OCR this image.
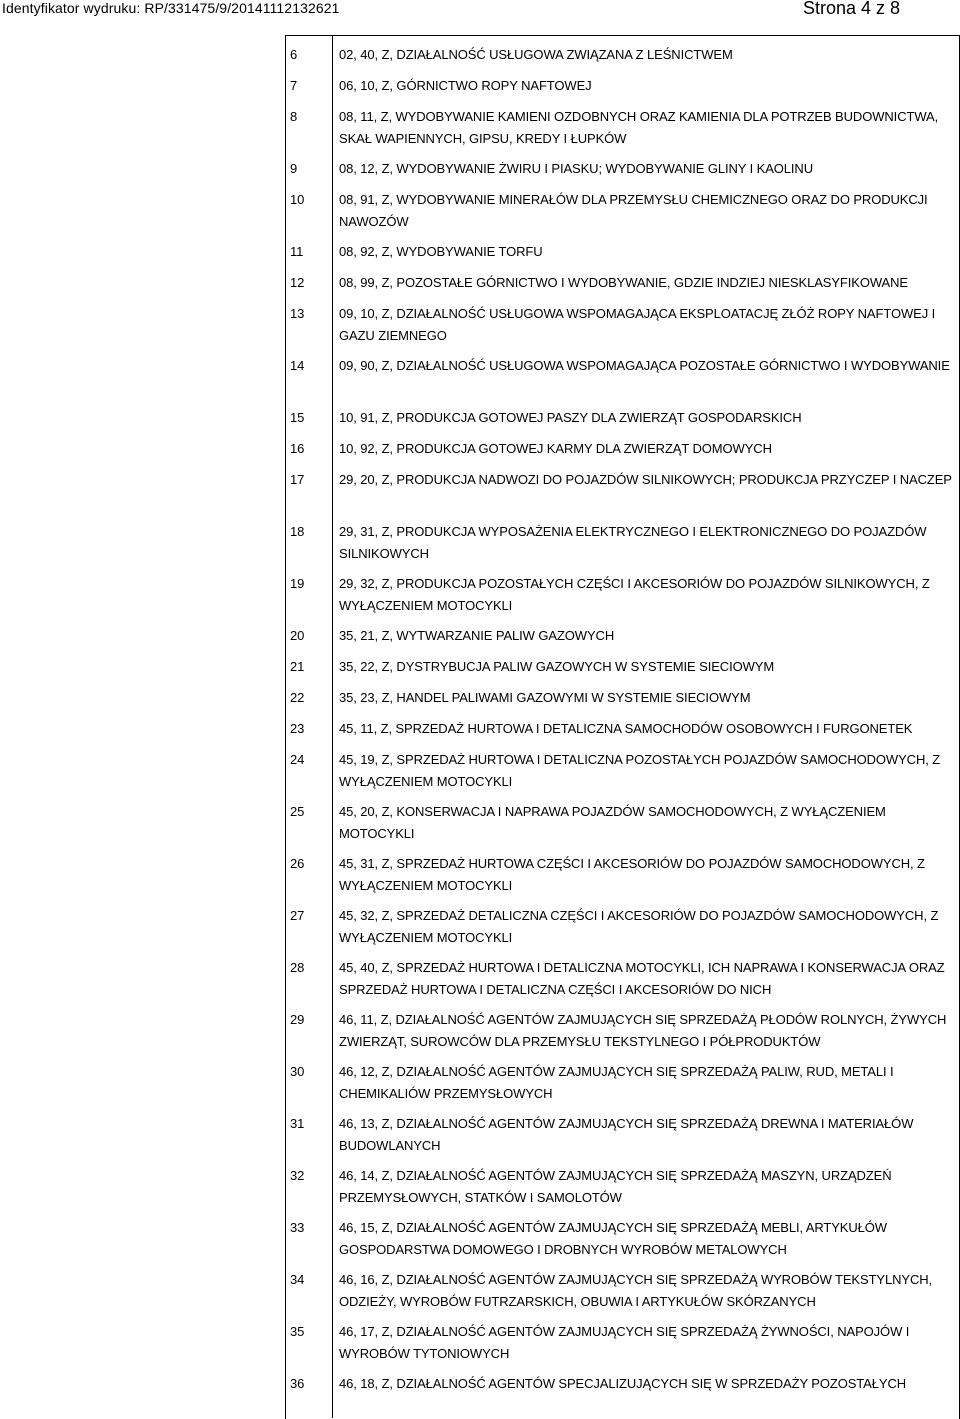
Identyfikator wydruku: RP/331475/9/20141112132621	Strona 4 z 8
6	02, 40, Z, DZIAŁALNOŚĆ USŁUGOWA ZWIĄZANA Z LEŚNICTWEM
7	06, 10, Z, GÓRNICTWO ROPY NAFTOWEJ
8	08, 11, Z, WYDOBYWANIE KAMIENI OZDOBNYCH ORAZ KAMIENIA DLA POTRZEB BUDOWNICTWA, SKAŁ WAPIENNYCH, GIPSU, KREDY I ŁUPKÓW
9	08, 12, Z, WYDOBYWANIE ŻWIRU I PIASKU; WYDOBYWANIE GLINY I KAOLINU
10	08, 91, Z, WYDOBYWANIE MINERAŁÓW DLA PRZEMYSŁU CHEMICZNEGO ORAZ DO PRODUKCJI NAWOZÓW
11	08, 92, Z, WYDOBYWANIE TORFU
12	08, 99, Z, POZOSTAŁE GÓRNICTWO I WYDOBYWANIE, GDZIE INDZIEJ NIESKLASYFIKOWANE
13	09, 10, Z, DZIAŁALNOŚĆ USŁUGOWA WSPOMAGAJĄCA EKSPLOATACJĘ ZŁÓŻ ROPY NAFTOWEJ I GAZU ZIEMNEGO
14	09, 90, Z, DZIAŁALNOŚĆ USŁUGOWA WSPOMAGAJĄCA POZOSTAŁE GÓRNICTWO I WYDOBYWANIE
15	10, 91, Z, PRODUKCJA GOTOWEJ PASZY DLA ZWIERZĄT GOSPODARSKICH
16	10, 92, Z, PRODUKCJA GOTOWEJ KARMY DLA ZWIERZĄT DOMOWYCH
17	29, 20, Z, PRODUKCJA NADWOZI DO POJAZDÓW SILNIKOWYCH; PRODUKCJA PRZYCZEP I NACZEP
18	29, 31, Z, PRODUKCJA WYPOSAŻENIA ELEKTRYCZNEGO I ELEKTRONICZNEGO DO POJAZDÓW SILNIKOWYCH
19	29, 32, Z, PRODUKCJA POZOSTAŁYCH CZĘŚCI I AKCESORIÓW DO POJAZDÓW SILNIKOWYCH, Z WYŁĄCZENIEM MOTOCYKLI
20	35, 21, Z, WYTWARZANIE PALIW GAZOWYCH
21	35, 22, Z, DYSTRYBUCJA PALIW GAZOWYCH W SYSTEMIE SIECIOWYM
22	35, 23, Z, HANDEL PALIWAMI GAZOWYMI W SYSTEMIE SIECIOWYM
23	45, 11, Z, SPRZEDAŻ HURTOWA I DETALICZNA SAMOCHODÓW OSOBOWYCH I FURGONETEK
24	45, 19, Z, SPRZEDAŻ HURTOWA I DETALICZNA POZOSTAŁYCH POJAZDÓW SAMOCHODOWYCH, Z WYŁĄCZENIEM MOTOCYKLI
25	45, 20, Z, KONSERWACJA I NAPRAWA POJAZDÓW SAMOCHODOWYCH, Z WYŁĄCZENIEM MOTOCYKLI
26	45, 31, Z, SPRZEDAŻ HURTOWA CZĘŚCI I AKCESORIÓW DO POJAZDÓW SAMOCHODOWYCH, Z WYŁĄCZENIEM MOTOCYKLI
27	45, 32, Z, SPRZEDAŻ DETALICZNA CZĘŚCI I AKCESORIÓW DO POJAZDÓW SAMOCHODOWYCH, Z WYŁĄCZENIEM MOTOCYKLI
28	45, 40, Z, SPRZEDAŻ HURTOWA I DETALICZNA MOTOCYKLI, ICH NAPRAWA I KONSERWACJA ORAZ SPRZEDAŻ HURTOWA I DETALICZNA CZĘŚCI I AKCESORIÓW DO NICH
29	46, 11, Z, DZIAŁALNOŚĆ AGENTÓW ZAJMUJĄCYCH SIĘ SPRZEDAŻĄ PŁODÓW ROLNYCH, ŻYWYCH ZWIERZĄT, SUROWCÓW DLA PRZEMYSŁU TEKSTYLNEGO I PÓŁPRODUKTÓW
30	46, 12, Z, DZIAŁALNOŚĆ AGENTÓW ZAJMUJĄCYCH SIĘ SPRZEDAŻĄ PALIW, RUD, METALI I CHEMIKALIÓW PRZEMYSŁOWYCH
31	46, 13, Z, DZIAŁALNOŚĆ AGENTÓW ZAJMUJĄCYCH SIĘ SPRZEDAŻĄ DREWNA I MATERIAŁÓW BUDOWLANYCH
32	46, 14, Z, DZIAŁALNOŚĆ AGENTÓW ZAJMUJĄCYCH SIĘ SPRZEDAŻĄ MASZYN, URZĄDZEŃ PRZEMYSŁOWYCH, STATKÓW I SAMOLOTÓW
33	46, 15, Z, DZIAŁALNOŚĆ AGENTÓW ZAJMUJĄCYCH SIĘ SPRZEDAŻĄ MEBLI, ARTYKUŁÓW GOSPODARSTWA DOMOWEGO I DROBNYCH WYROBÓW METALOWYCH
34	46, 16, Z, DZIAŁALNOŚĆ AGENTÓW ZAJMUJĄCYCH SIĘ SPRZEDAŻĄ WYROBÓW TEKSTYLNYCH, ODZIEŻY, WYROBÓW FUTRZARSKICH, OBUWIA I ARTYKUŁÓW SKÓRZANYCH
35	46, 17, Z, DZIAŁALNOŚĆ AGENTÓW ZAJMUJĄCYCH SIĘ SPRZEDAŻĄ ŻYWNOŚCI, NAPOJÓW I WYROBÓW TYTONIOWYCH
36	46, 18, Z, DZIAŁALNOŚĆ AGENTÓW SPECJALIZUJĄCYCH SIĘ W SPRZEDAŻY POZOSTAŁYCH
